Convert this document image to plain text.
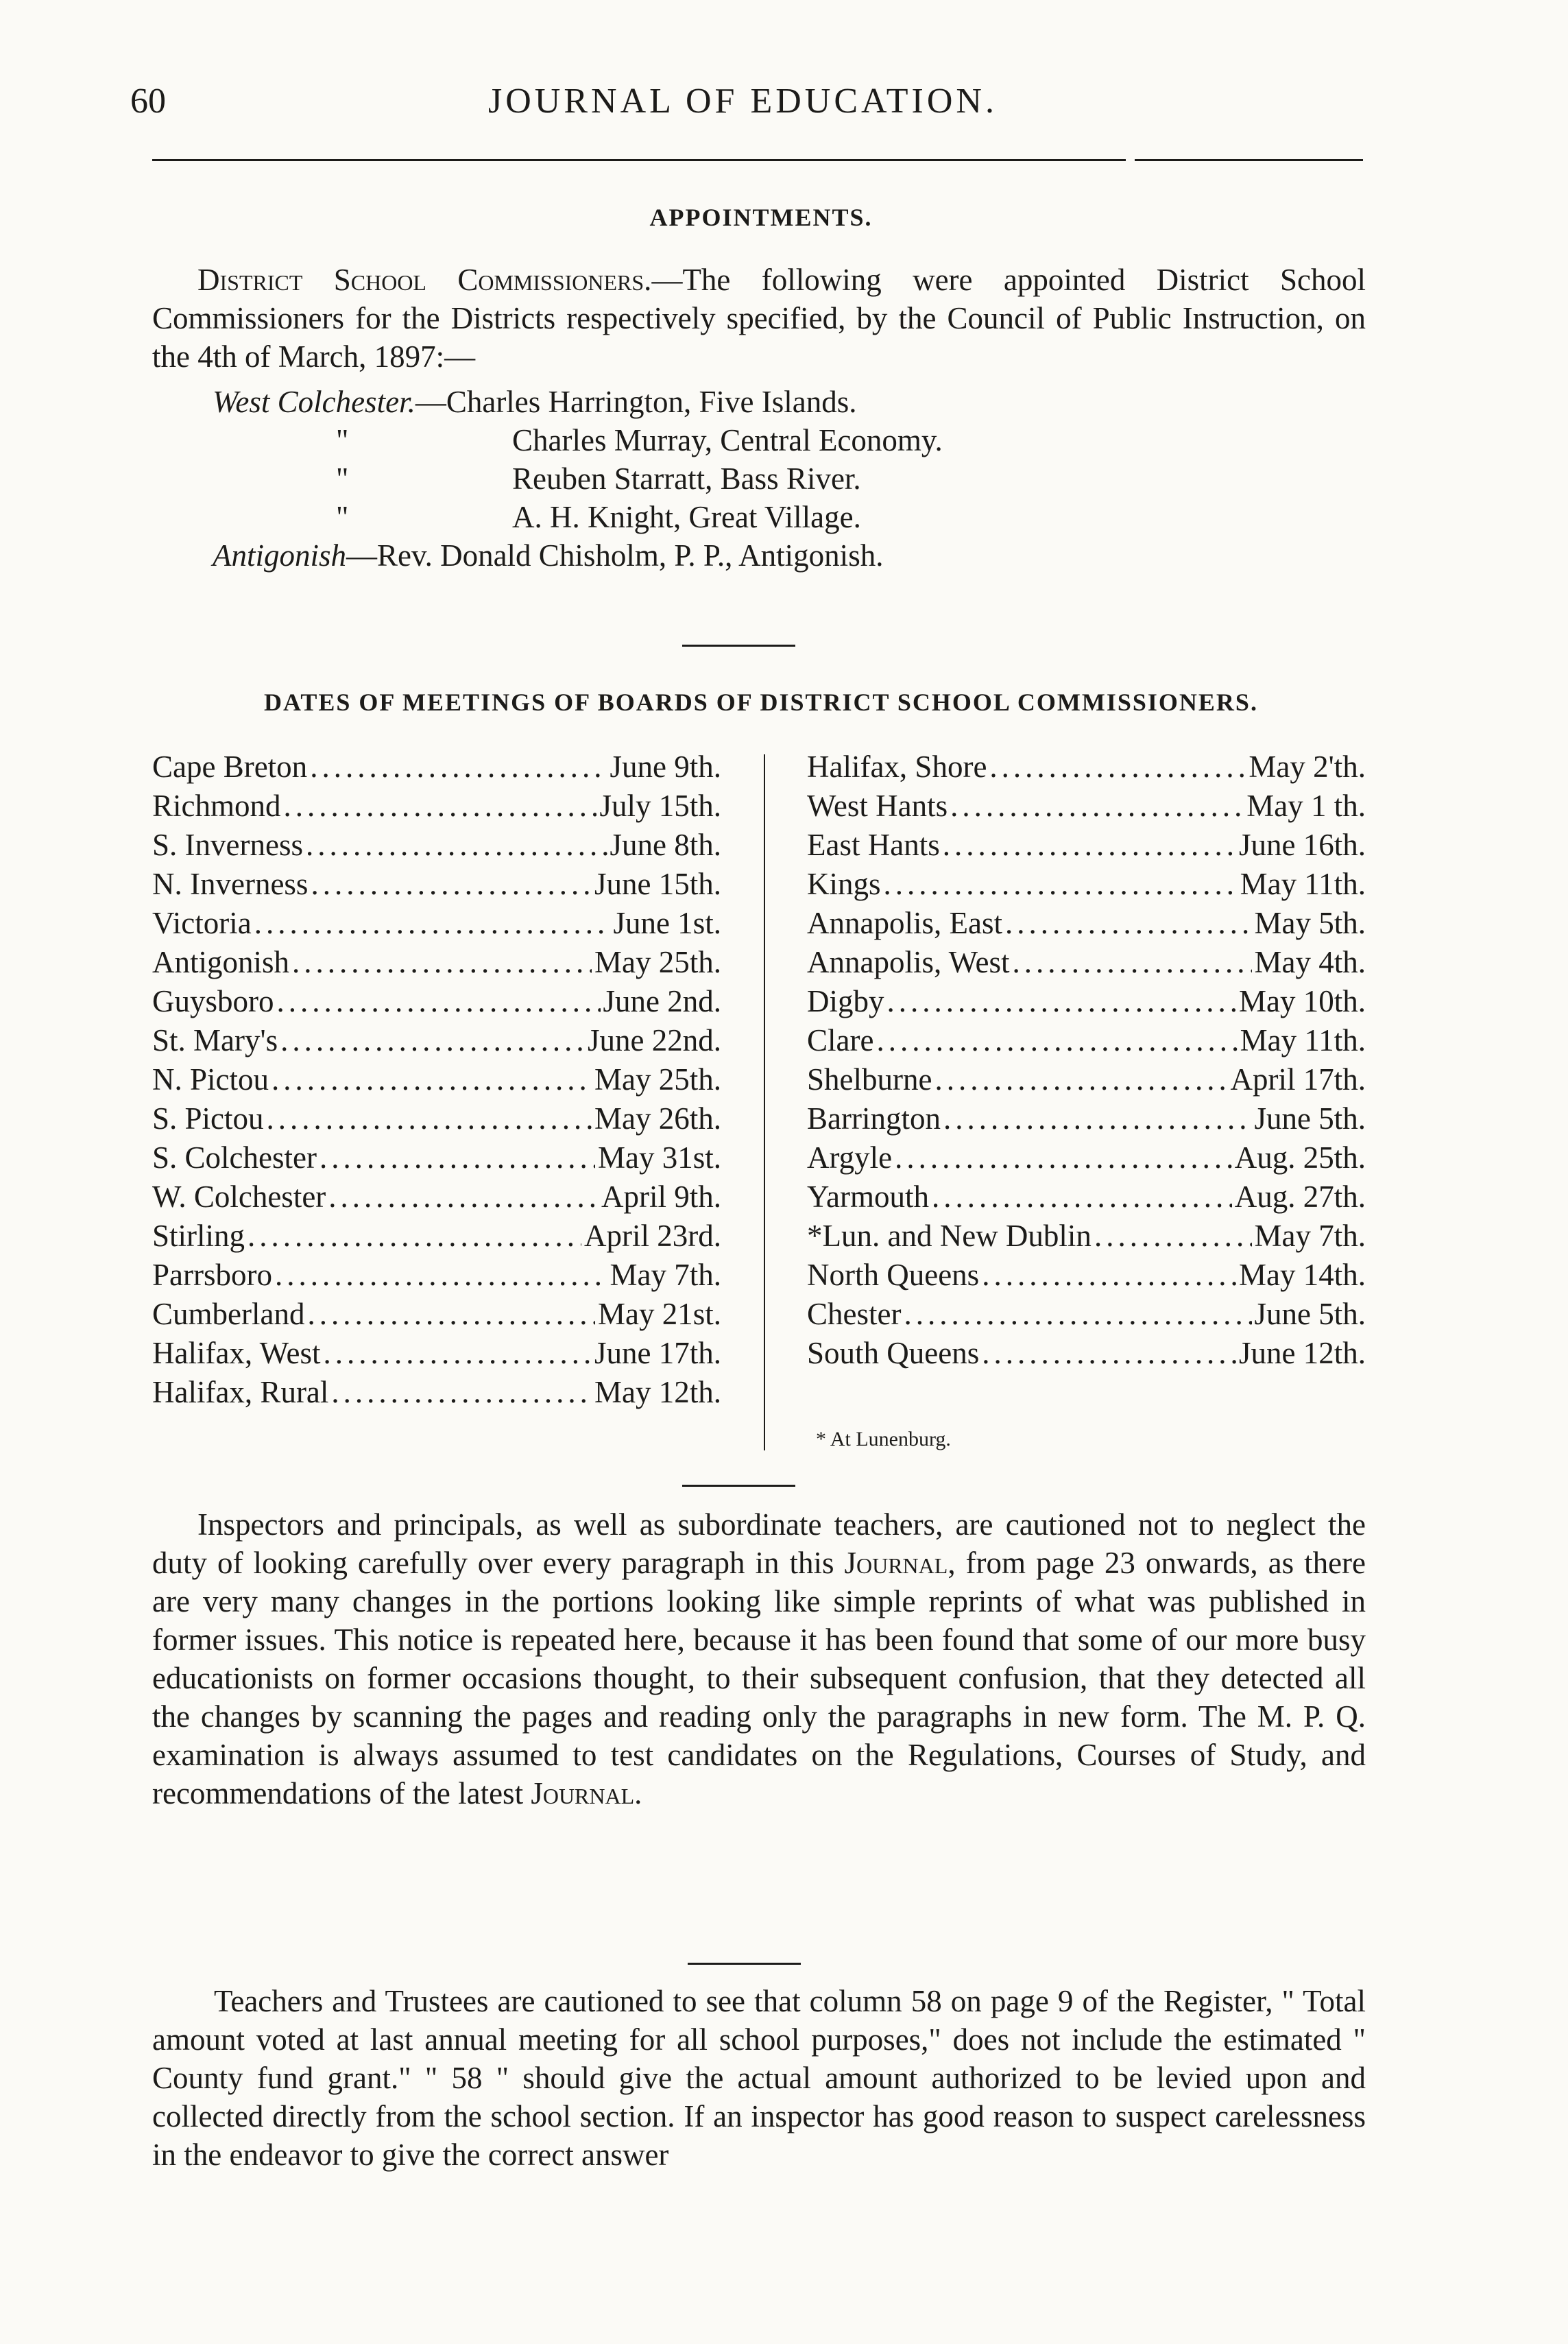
60	JOURNAL OF EDUCATION.
APPOINTMENTS.

District School Commissioners.—The following were appointed District School Commissioners for the Districts respectively specified, by the Council of Public Instruction, on the 4th of March, 1897:—

West Colchester.—Charles Harrington, Five Islands.
"	Charles Murray, Central Economy.
"	Reuben Starratt, Bass River.
"	A. H. Knight, Great Village.
Antigonish—Rev. Donald Chisholm, P. P., Antigonish.
DATES OF MEETINGS OF BOARDS OF DISTRICT SCHOOL COMMISSIONERS.
Cape Breton .....	June 9th.
Richmond .....	July 15th.
S. Inverness .....	June 8th.
N. Inverness .....	June 15th.
Victoria .....	June 1st.
Antigonish .....	May 25th.
Guysboro .....	June 2nd.
St. Mary's .....	June 22nd.
N. Pictou .....	May 25th.
S. Pictou .....	May 26th.
S. Colchester .....	May 31st.
W. Colchester .....	April 9th.
Stirling .....	April 23rd.
Parrsboro .....	May 7th.
Cumberland .....	May 21st.
Halifax, West .....	June 17th.
Halifax, Rural .....	May 12th.
Halifax, Shore .....	May 2'th.
West Hants .....	May 1 th.
East Hants .....	June 16th.
Kings .....	May 11th.
Annapolis, East .....	May 5th.
Annapolis, West .....	May 4th.
Digby .....	May 10th.
Clare .....	May 11th.
Shelburne .....	April 17th.
Barrington .....	June 5th.
Argyle .....	Aug. 25th.
Yarmouth .....	Aug. 27th.
*Lun. and New Dublin .....	May 7th.
North Queens .....	May 14th.
Chester .....	June 5th.
South Queens .....	June 12th.
* At Lunenburg.

Inspectors and principals, as well as subordinate teachers, are cautioned not to neglect the duty of looking carefully over every paragraph in this Journal, from page 23 onwards, as there are very many changes in the portions looking like simple reprints of what was published in former issues. This notice is repeated here, because it has been found that some of our more busy educationists on former occasions thought, to their subsequent confusion, that they detected all the changes by scanning the pages and reading only the paragraphs in new form. The M. P. Q. examination is always assumed to test candidates on the Regulations, Courses of Study, and recommendations of the latest Journal.

Teachers and Trustees are cautioned to see that column 58 on page 9 of the Register, " Total amount voted at last annual meeting for all school purposes," does not include the estimated " County fund grant." " 58 " should give the actual amount authorized to be levied upon and collected directly from the school section. If an inspector has good reason to suspect carelessness in the endeavor to give the correct answer
